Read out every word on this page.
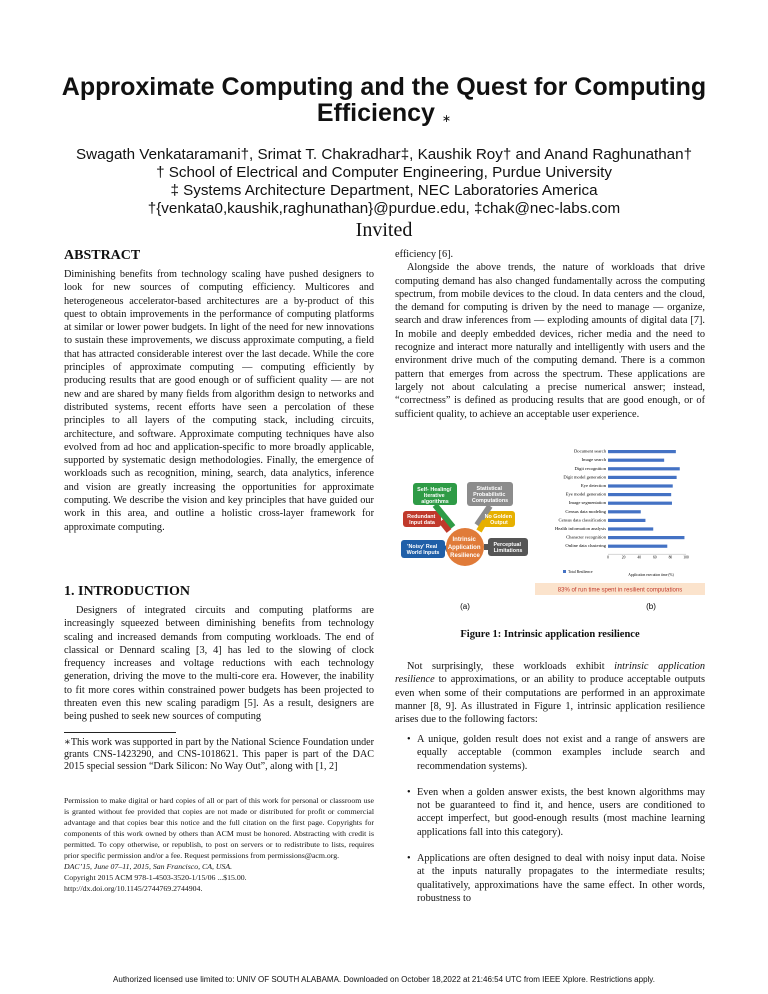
Approximate Computing and the Quest for Computing Efficiency ∗
Swagath Venkataramani†, Srimat T. Chakradhar‡, Kaushik Roy† and Anand Raghunathan†
† School of Electrical and Computer Engineering, Purdue University
‡ Systems Architecture Department, NEC Laboratories America
†{venkata0,kaushik,raghunathan}@purdue.edu, ‡chak@nec-labs.com
Invited
ABSTRACT

Diminishing benefits from technology scaling have pushed designers to look for new sources of computing efficiency. Multicores and heterogeneous accelerator-based architectures are a by-product of this quest to obtain improvements in the performance of computing platforms at similar or lower power budgets. In light of the need for new innovations to sustain these improvements, we discuss approximate computing, a field that has attracted considerable interest over the last decade. While the core principles of approximate computing — computing efficiently by producing results that are good enough or of sufficient quality — are not new and are shared by many fields from algorithm design to networks and distributed systems, recent efforts have seen a percolation of these principles to all layers of the computing stack, including circuits, architecture, and software. Approximate computing techniques have also evolved from ad hoc and application-specific to more broadly applicable, supported by systematic design methodologies. Finally, the emergence of workloads such as recognition, mining, search, data analytics, inference and vision are greatly increasing the opportunities for approximate computing. We describe the vision and key principles that have guided our work in this area, and outline a holistic cross-layer framework for approximate computing.

1. INTRODUCTION

Designers of integrated circuits and computing platforms are increasingly squeezed between diminishing benefits from technology scaling and increased demands from computing workloads. The end of classical or Dennard scaling [3, 4] has led to the slowing of clock frequency increases and voltage reductions with each technology generation, driving the move to the multi-core era. However, the inability to fit more cores within constrained power budgets has been projected to threaten even this new scaling paradigm [5]. As a result, designers are being pushed to seek new sources of computing

∗This work was supported in part by the National Science Foundation under grants CNS-1423290, and CNS-1018621. This paper is part of the DAC 2015 special session “Dark Silicon: No Way Out”, along with [1, 2]
Permission to make digital or hard copies of all or part of this work for personal or classroom use is granted without fee provided that copies are not made or distributed for profit or commercial advantage and that copies bear this notice and the full citation on the first page. Copyrights for components of this work owned by others than ACM must be honored. Abstracting with credit is permitted. To copy otherwise, or republish, to post on servers or to redistribute to lists, requires prior specific permission and/or a fee. Request permissions from permissions@acm.org.
DAC’15, June 07–11, 2015, San Francisco, CA, USA.
Copyright 2015 ACM 978-1-4503-3520-1/15/06 ...$15.00.
http://dx.doi.org/10.1145/2744769.2744904.

efficiency [6].

Alongside the above trends, the nature of workloads that drive computing demand has also changed fundamentally across the computing spectrum, from mobile devices to the cloud. In data centers and the cloud, the demand for computing is driven by the need to manage — organize, search and draw inferences from — exploding amounts of digital data [7]. In mobile and deeply embedded devices, richer media and the need to recognize and interact more naturally and intelligently with users and the environment drive much of the computing demand. There is a common pattern that emerges from across the spectrum. These applications are largely not about calculating a precise numerical answer; instead, “correctness” is defined as producing results that are good enough, or of sufficient quality, to achieve an acceptable user experience.

Self- Healing/ Iterative algorithms
Statistical Probabilistic Computations
Redundant Input data
No Golden Output
'Noisy' Real World Inputs
Perceptual Limitations
Intrinsic Application Resilience
(a)
Document search
Image search
Digit recognition
Digit model generation
Eye detection
Eye model generation
Image segmentation
Census data modeling
Census data classification
Health information analysis
Character recognition
Online data clustering
0	20	40	60	80	100
Application execution time (%)
Total Resilience
83% of run time spent in resilient computations
(b)
Figure 1: Intrinsic application resilience

Not surprisingly, these workloads exhibit intrinsic application resilience to approximations, or an ability to produce acceptable outputs even when some of their computations are performed in an approximate manner [8, 9]. As illustrated in Figure 1, intrinsic application resilience arises due to the following factors:

• A unique, golden result does not exist and a range of answers are equally acceptable (common examples include search and recommendation systems).
• Even when a golden answer exists, the best known algorithms may not be guaranteed to find it, and hence, users are conditioned to accept imperfect, but good-enough results (most machine learning applications fall into this category).
• Applications are often designed to deal with noisy input data. Noise at the inputs naturally propagates to the intermediate results; qualitatively, approximations have the same effect. In other words, robustness to
Authorized licensed use limited to: UNIV OF SOUTH ALABAMA. Downloaded on October 18,2022 at 21:46:54 UTC from IEEE Xplore. Restrictions apply.
